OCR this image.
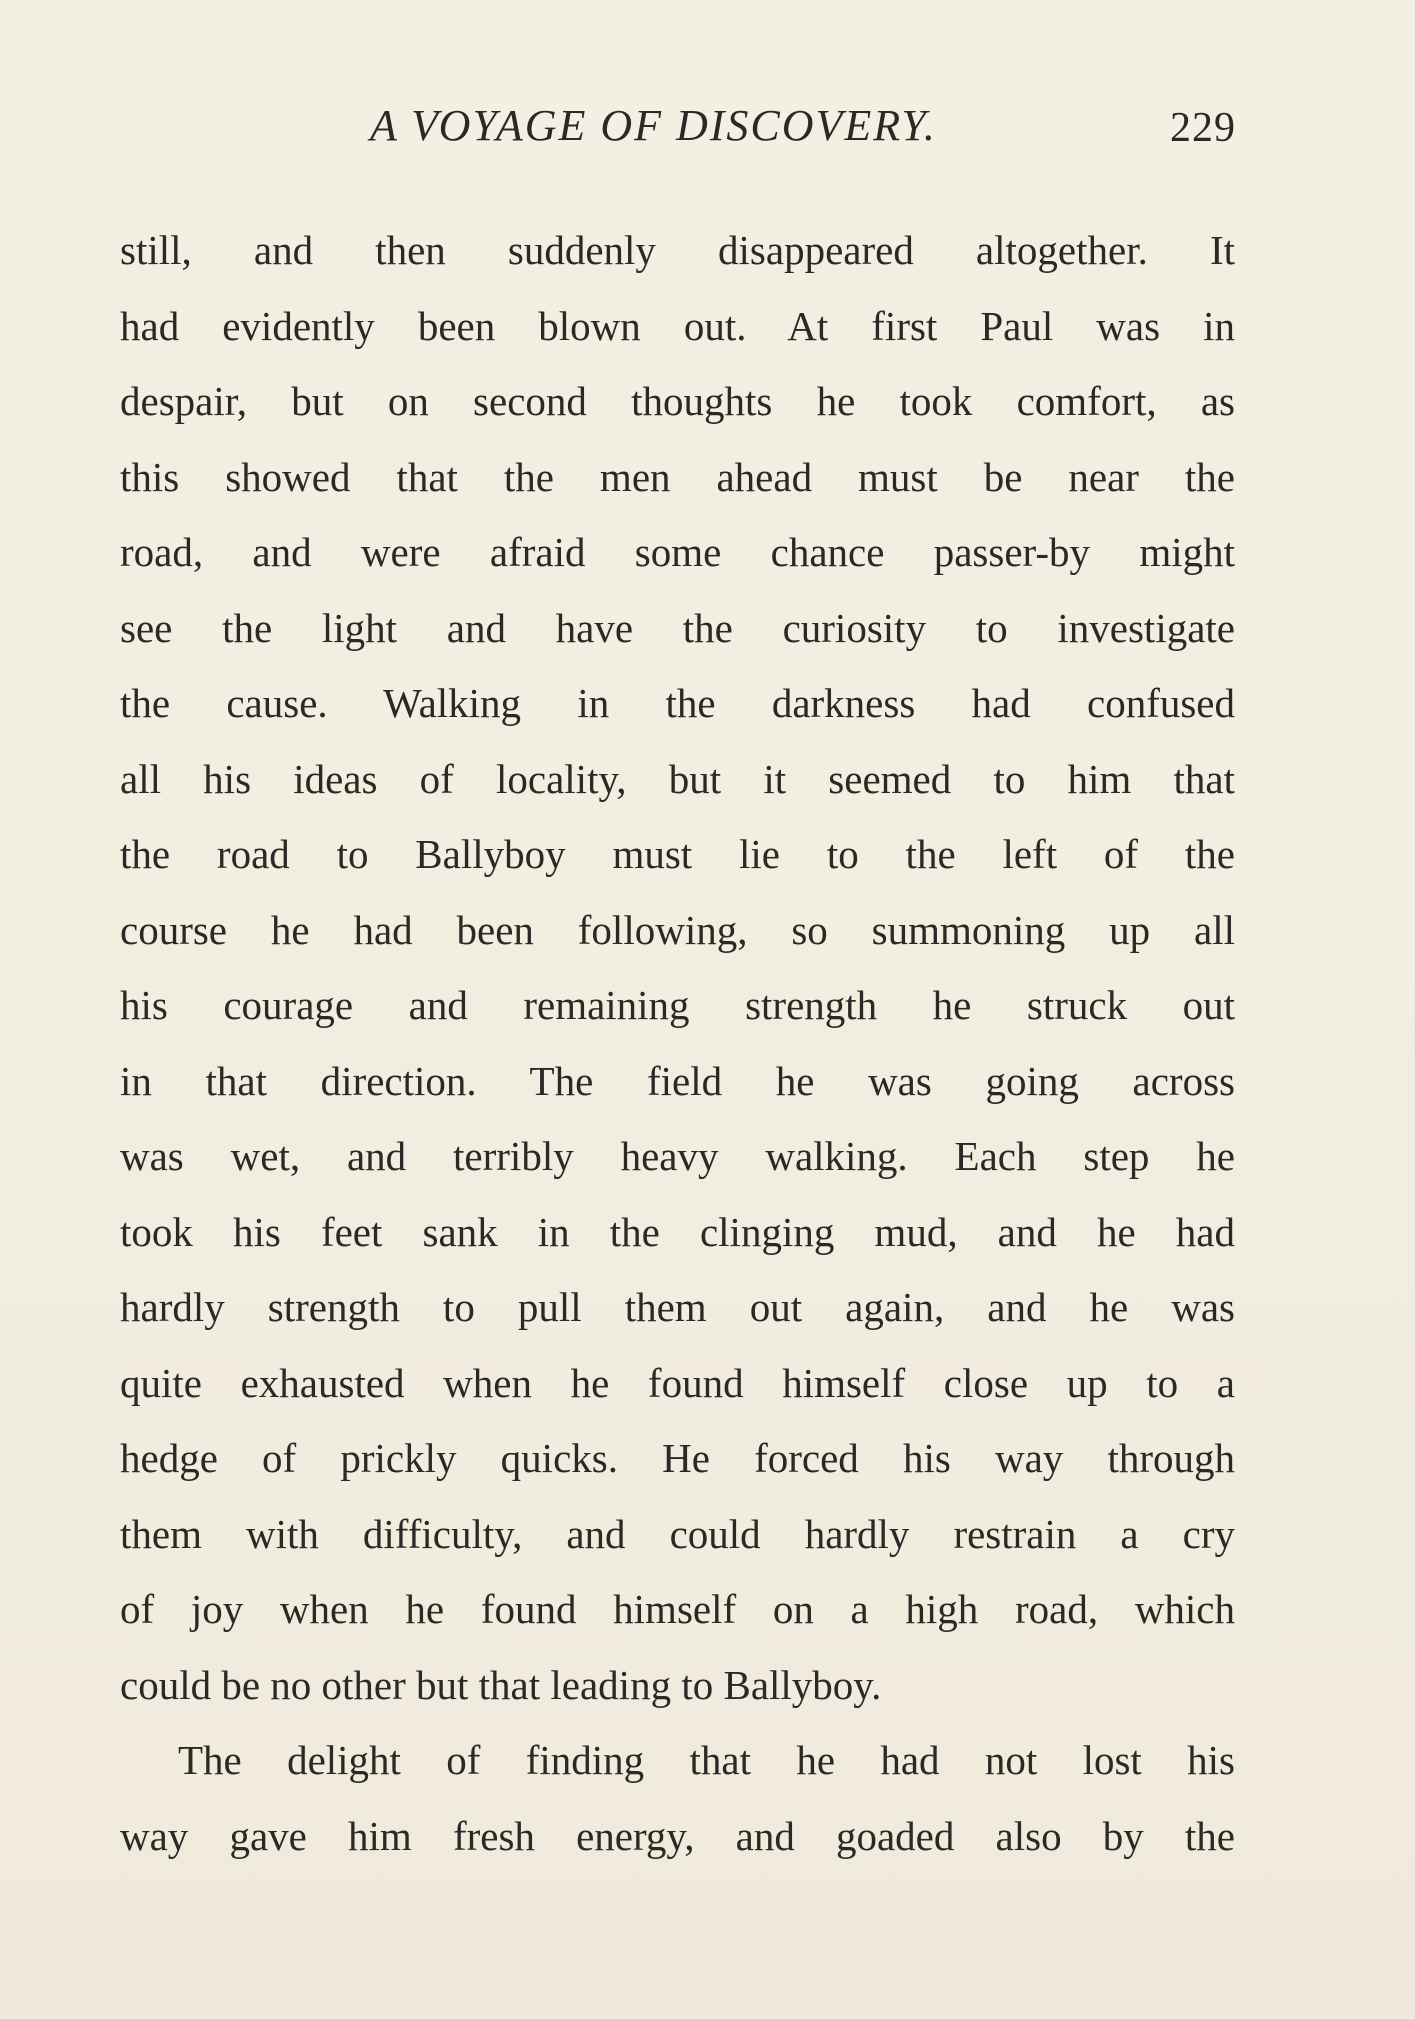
A VOYAGE OF DISCOVERY.	229
still, and then suddenly disappeared altogether. It
had evidently been blown out. At first Paul was in
despair, but on second thoughts he took comfort, as
this showed that the men ahead must be near the
road, and were afraid some chance passer-by might
see the light and have the curiosity to investigate
the cause. Walking in the darkness had confused
all his ideas of locality, but it seemed to him that
the road to Ballyboy must lie to the left of the
course he had been following, so summoning up all
his courage and remaining strength he struck out
in that direction. The field he was going across
was wet, and terribly heavy walking. Each step he
took his feet sank in the clinging mud, and he had
hardly strength to pull them out again, and he was
quite exhausted when he found himself close up to a
hedge of prickly quicks. He forced his way through
them with difficulty, and could hardly restrain a cry
of joy when he found himself on a high road, which
could be no other but that leading to Ballyboy.
The delight of finding that he had not lost his
way gave him fresh energy, and goaded also by the
